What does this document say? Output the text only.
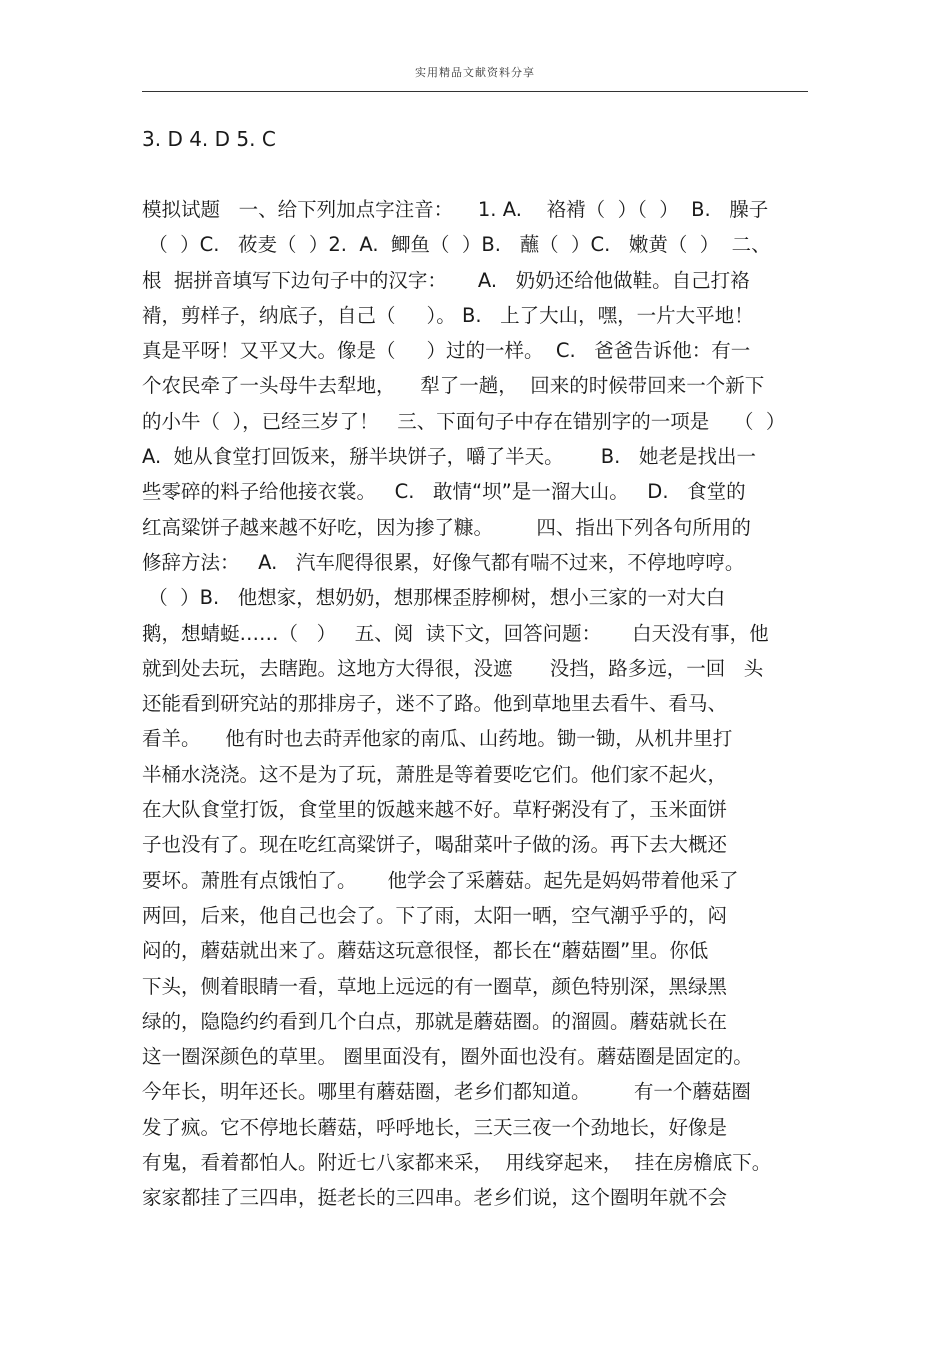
实用精品文献资料分享
3. D 4. D 5. C
模拟试题   一、给下列加点字注音：    1. A.    袼褙（  ）（  ）  B.   臊子
（  ）C.   莜麦（  ）2.  A.  鲫鱼（  ）B.   蘸（  ）C.   嫩黄（  ）  二、
根  据拼音填写下边句子中的汉字：     A.   奶奶还给他做鞋。自己打袼
褙，剪样子，纳底子，自己（     ）。 B.   上了大山，嘿，一片大平地！
真是平呀！又平又大。像是（     ）过的一样。  C.   爸爸告诉他：有一
个农民牵了一头母牛去犁地，    犁了一趟，  回来的时候带回来一个新下
的小牛（  ），已经三岁了！   三、下面句子中存在错别字的一项是    （  ）
A.  她从食堂打回饭来，掰半块饼子，嚼了半天。      B.   她老是找出一
些零碎的料子给他接衣裳。   C.   敢情“坝”是一溜大山。   D.   食堂的
红高粱饼子越来越不好吃，因为掺了糠。       四、指出下列各句所用的
修辞方法：   A.   汽车爬得很累，好像气都有喘不过来，不停地哼哼。
（  ）B.   他想家，想奶奶，想那棵歪脖柳树，想小三家的一对大白
鹅，想蜻蜓……（   ）   五、阅  读下文，回答问题：     白天没有事，他
就到处去玩，去瞎跑。这地方大得很，没遮      没挡，路多远，一回   头
还能看到研究站的那排房子，迷不了路。他到草地里去看牛、看马、
看羊。    他有时也去莳弄他家的南瓜、山药地。锄一锄，从机井里打
半桶水浇浇。这不是为了玩，萧胜是等着要吃它们。他们家不起火，
在大队食堂打饭，食堂里的饭越来越不好。草籽粥没有了，玉米面饼
子也没有了。现在吃红高粱饼子，喝甜菜叶子做的汤。再下去大概还
要坏。萧胜有点饿怕了。     他学会了采蘑菇。起先是妈妈带着他采了
两回，后来，他自己也会了。下了雨，太阳一晒，空气潮乎乎的，闷
闷的，蘑菇就出来了。蘑菇这玩意很怪，都长在“蘑菇圈”里。你低
下头，侧着眼睛一看，草地上远远的有一圈草，颜色特别深，黑绿黑
绿的，隐隐约约看到几个白点，那就是蘑菇圈。的溜圆。蘑菇就长在
这一圈深颜色的草里。 圈里面没有，圈外面也没有。蘑菇圈是固定的。
今年长，明年还长。哪里有蘑菇圈，老乡们都知道。       有一个蘑菇圈
发了疯。它不停地长蘑菇，呼呼地长，三天三夜一个劲地长，好像是
有鬼，看着都怕人。附近七八家都来采，  用线穿起来，  挂在房檐底下。
家家都挂了三四串，挺老长的三四串。老乡们说，这个圈明年就不会
